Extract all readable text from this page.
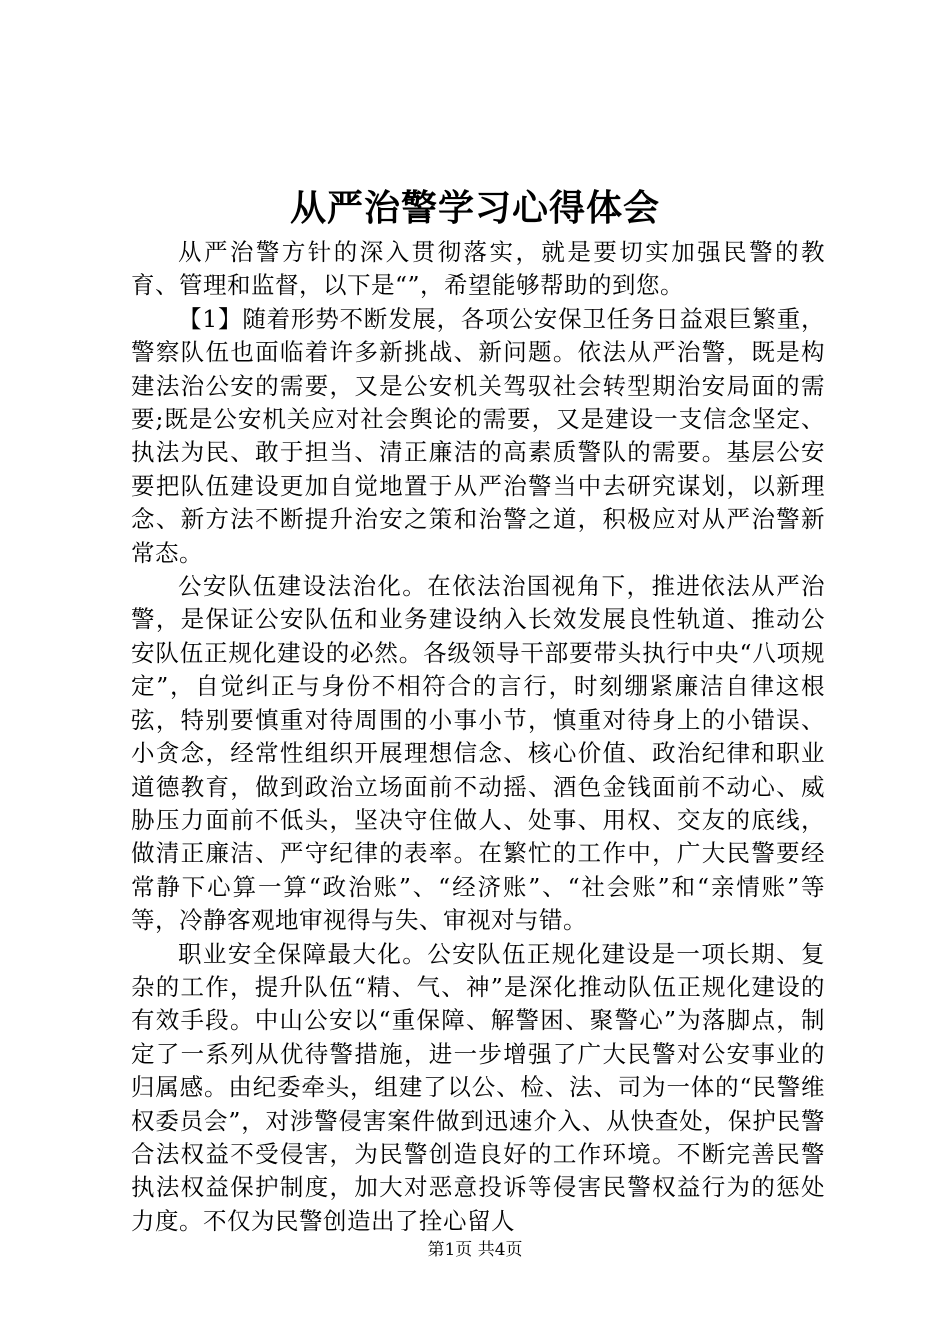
从严治警学习心得体会

从严治警方针的深入贯彻落实，就是要切实加强民警的教育、管理和监督，以下是“”，希望能够帮助的到您。

【1】随着形势不断发展，各项公安保卫任务日益艰巨繁重，警察队伍也面临着许多新挑战、新问题。依法从严治警，既是构建法治公安的需要，又是公安机关驾驭社会转型期治安局面的需要;既是公安机关应对社会舆论的需要，又是建设一支信念坚定、执法为民、敢于担当、清正廉洁的高素质警队的需要。基层公安要把队伍建设更加自觉地置于从严治警当中去研究谋划，以新理念、新方法不断提升治安之策和治警之道，积极应对从严治警新常态。

公安队伍建设法治化。在依法治国视角下，推进依法从严治警，是保证公安队伍和业务建设纳入长效发展良性轨道、推动公安队伍正规化建设的必然。各级领导干部要带头执行中央“八项规定”，自觉纠正与身份不相符合的言行，时刻绷紧廉洁自律这根弦，特别要慎重对待周围的小事小节，慎重对待身上的小错误、小贪念，经常性组织开展理想信念、核心价值、政治纪律和职业道德教育，做到政治立场面前不动摇、酒色金钱面前不动心、威胁压力面前不低头，坚决守住做人、处事、用权、交友的底线，做清正廉洁、严守纪律的表率。在繁忙的工作中，广大民警要经常静下心算一算“政治账”、“经济账”、“社会账”和“亲情账”等等，冷静客观地审视得与失、审视对与错。

职业安全保障最大化。公安队伍正规化建设是一项长期、复杂的工作，提升队伍“精、气、神”是深化推动队伍正规化建设的有效手段。中山公安以“重保障、解警困、聚警心”为落脚点，制定了一系列从优待警措施，进一步增强了广大民警对公安事业的归属感。由纪委牵头，组建了以公、检、法、司为一体的“民警维权委员会”，对涉警侵害案件做到迅速介入、从快查处，保护民警合法权益不受侵害，为民警创造良好的工作环境。不断完善民警执法权益保护制度，加大对恶意投诉等侵害民警权益行为的惩处力度。不仅为民警创造出了拴心留人

第1页 共4页
